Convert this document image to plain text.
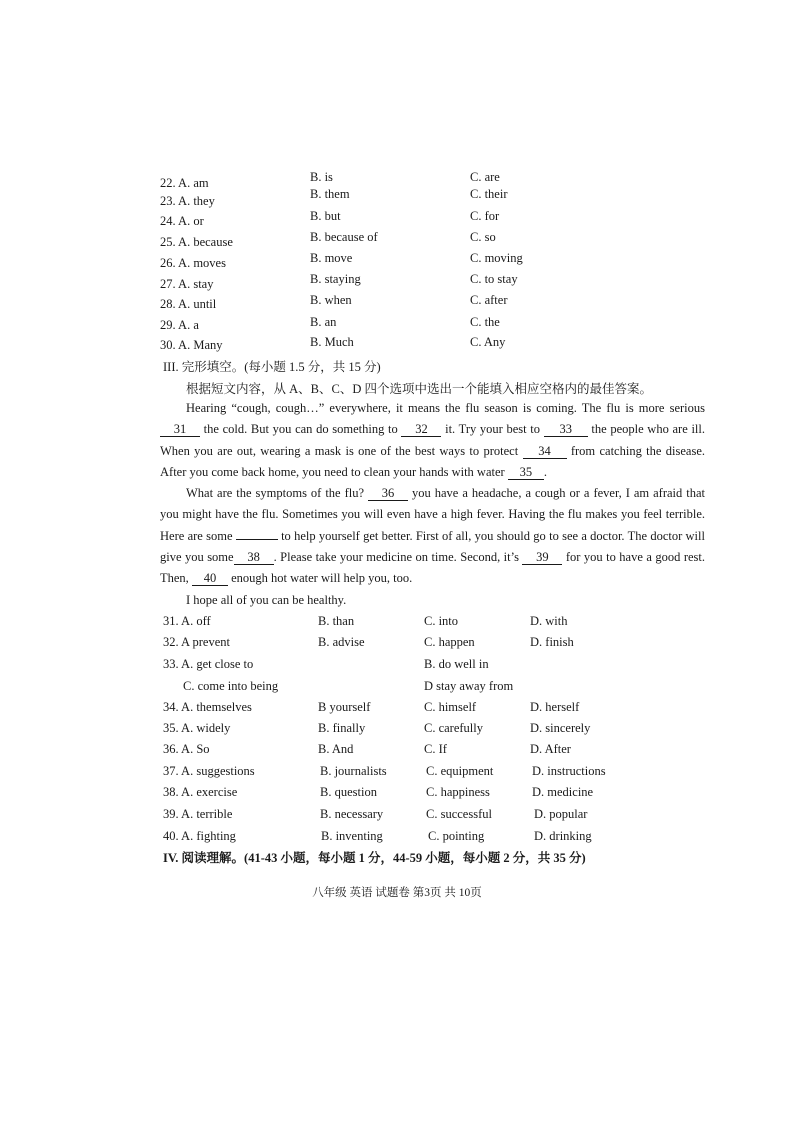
22. A. am	B. is	C. are
23. A. they	B. them	C. their
24. A. or	B. but	C. for
25. A. because	B. because of	C. so
26. A. moves	B. move	C. moving
27. A. stay	B. staying	C. to stay
28. A. until	B. when	C. after
29. A. a	B. an	C. the
30. A. Many	B. Much	C. Any
III. 完形填空。(每小题 1.5 分，共 15 分)
根据短文内容，从 A、B、C、D 四个选项中选出一个能填入相应空格内的最佳答案。

Hearing “cough, cough…” everywhere, it means the flu season is coming. The flu is more serious 31 the cold. But you can do something to 32 it. Try your best to 33 the people who are ill. When you are out, wearing a mask is one of the best ways to protect 34 from catching the disease. After you come back home, you need to clean your hands with water 35 .

What are the symptoms of the flu? 36 you have a headache, a cough or a fever, I am afraid that you might have the flu. Sometimes you will even have a high fever. Having the flu makes you feel terrible. Here are some	to help yourself get better. First of all, you should go to see a doctor. The doctor will give you some 38 . Please take your medicine on time. Second, it’s 39 for you to have a good rest. Then, 40 enough hot water will help you, too.

I hope all of you can be healthy.

31. A. off	B. than	C. into	D. with
32. A prevent	B. advise	C. happen	D. finish
33. A. get close to	B. do well in
C. come into being	D stay away from
34. A. themselves	B yourself	C. himself	D. herself
35. A. widely	B. finally	C. carefully	D. sincerely
36. A. So	B. And	C. If	D. After
37. A. suggestions	B. journalists	C. equipment	D. instructions
38. A. exercise	B. question	C. happiness	D. medicine
39. A. terrible	B. necessary	C. successful	D. popular
40. A. fighting	B. inventing	C. pointing	D. drinking
IV. 阅读理解。(41-43 小题，每小题 1 分，44-59 小题，每小题 2 分，共 35 分)
八年级 英语 试题卷 第3页 共 10页
